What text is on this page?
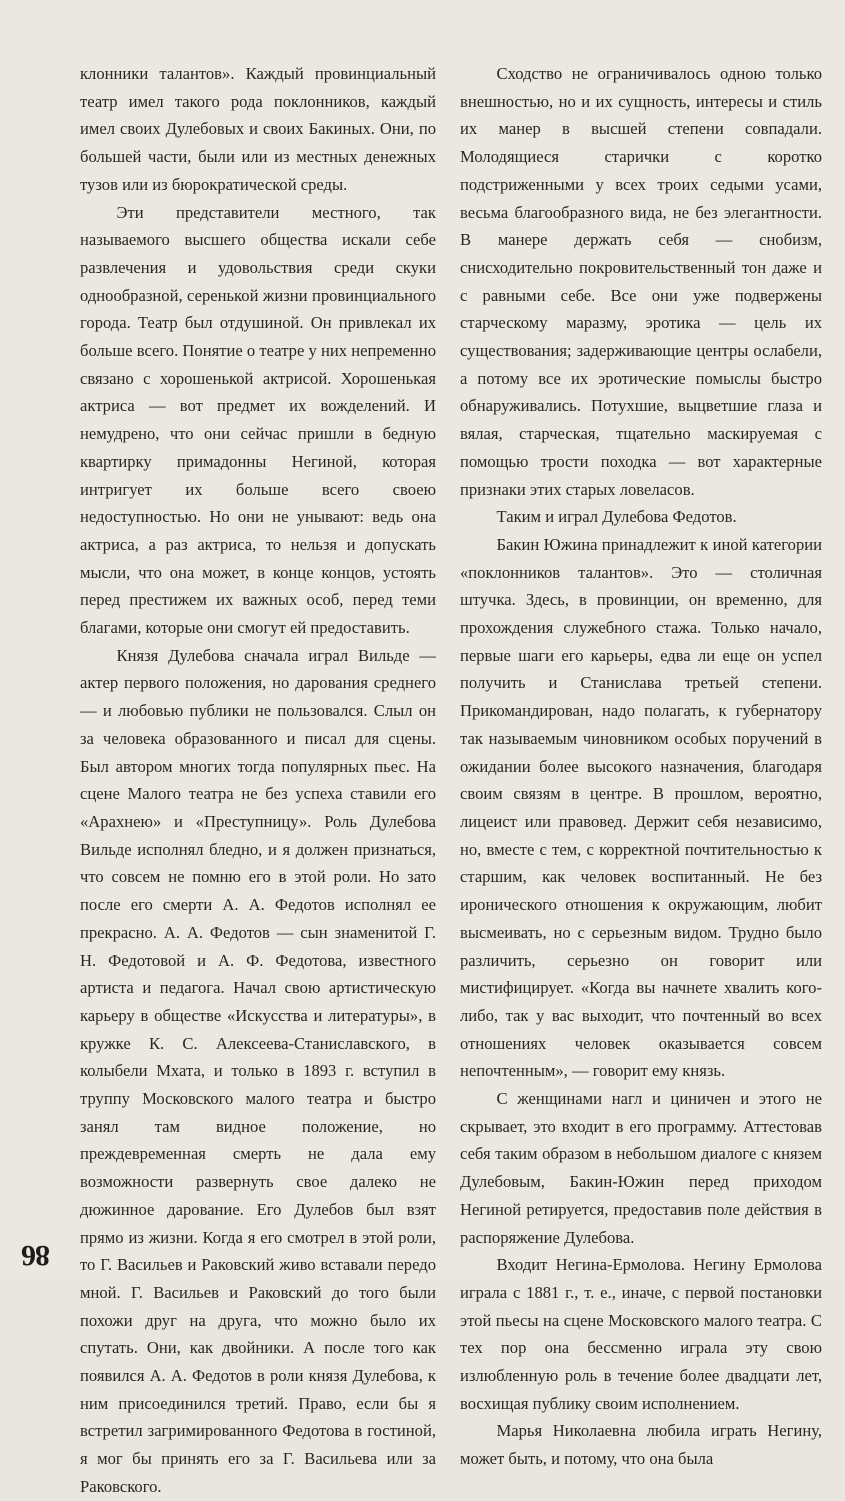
клонники талантов». Каждый провинциальный театр имел такого рода поклонников, каждый имел своих Дулебовых и своих Бакиных. Они, по большей части, были или из местных денежных тузов или из бюрократической среды.

Эти представители местного, так называемого высшего общества искали себе развлечения и удовольствия среди скуки однообразной, серенькой жизни провинциального города. Театр был отдушиной. Он привлекал их больше всего. Понятие о театре у них непременно связано с хорошенькой актрисой. Хорошенькая актриса — вот предмет их вожделений. И немудрено, что они сейчас пришли в бедную квартирку примадонны Негиной, которая интригует их больше всего своею недоступностью. Но они не унывают: ведь она актриса, а раз актриса, то нельзя и допускать мысли, что она может, в конце концов, устоять перед престижем их важных особ, перед теми благами, которые они смогут ей предоставить.

Князя Дулебова сначала играл Вильде — актер первого положения, но дарования среднего — и любовью публики не пользовался. Слыл он за человека образованного и писал для сцены. Был автором многих тогда популярных пьес. На сцене Малого театра не без успеха ставили его «Арахнею» и «Преступницу». Роль Дулебова Вильде исполнял бледно, и я должен признаться, что совсем не помню его в этой роли. Но зато после его смерти А. А. Федотов исполнял ее прекрасно. А. А. Федотов — сын знаменитой Г. Н. Федотовой и А. Ф. Федотова, известного артиста и педагога. Начал свою артистическую карьеру в обществе «Искусства и литературы», в кружке К. С. Алексеева-Станиславского, в колыбели Мхата, и только в 1893 г. вступил в труппу Московского малого театра и быстро занял там видное положение, но преждевременная смерть не дала ему возможности развернуть свое далеко не дюжинное дарование. Его Дулебов был взят прямо из жизни. Когда я его смотрел в этой роли, то Г. Васильев и Раковский живо вставали передо мной. Г. Васильев и Раковский до того были похожи друг на друга, что можно было их спутать. Они, как двойники. А после того как появился А. А. Федотов в роли князя Дулебова, к ним присоединился третий. Право, если бы я встретил загримированного Федотова в гостиной, я мог бы принять его за Г. Васильева или за Раковского.

Сходство не ограничивалось одною только внешностью, но и их сущность, интересы и стиль их манер в высшей степени совпадали. Молодящиеся старички с коротко подстриженными у всех троих седыми усами, весьма благообразного вида, не без элегантности. В манере держать себя — снобизм, снисходительно покровительственный тон даже и с равными себе. Все они уже подвержены старческому маразму, эротика — цель их существования; задерживающие центры ослабели, а потому все их эротические помыслы быстро обнаруживались. Потухшие, выцветшие глаза и вялая, старческая, тщательно маскируемая с помощью трости походка — вот характерные признаки этих старых ловеласов.

Таким и играл Дулебова Федотов.

Бакин Южина принадлежит к иной категории «поклонников талантов». Это — столичная штучка. Здесь, в провинции, он временно, для прохождения служебного стажа. Только начало, первые шаги его карьеры, едва ли еще он успел получить и Станислава третьей степени. Прикомандирован, надо полагать, к губернатору так называемым чиновником особых поручений в ожидании более высокого назначения, благодаря своим связям в центре. В прошлом, вероятно, лицеист или правовед. Держит себя независимо, но, вместе с тем, с корректной почтительностью к старшим, как человек воспитанный. Не без иронического отношения к окружающим, любит высмеивать, но с серьезным видом. Трудно было различить, серьезно он говорит или мистифицирует. «Когда вы начнете хвалить кого-либо, так у вас выходит, что почтенный во всех отношениях человек оказывается совсем непочтенным», — говорит ему князь.

С женщинами нагл и циничен и этого не скрывает, это входит в его программу. Аттестовав себя таким образом в небольшом диалоге с князем Дулебовым, Бакин-Южин перед приходом Негиной ретируется, предоставив поле действия в распоряжение Дулебова.

Входит Негина-Ермолова. Негину Ермолова играла с 1881 г., т. е., иначе, с первой постановки этой пьесы на сцене Московского малого театра. С тех пор она бессменно играла эту свою излюбленную роль в течение более двадцати лет, восхищая публику своим исполнением.

Марья Николаевна любила играть Негину, может быть, и потому, что она была

86
